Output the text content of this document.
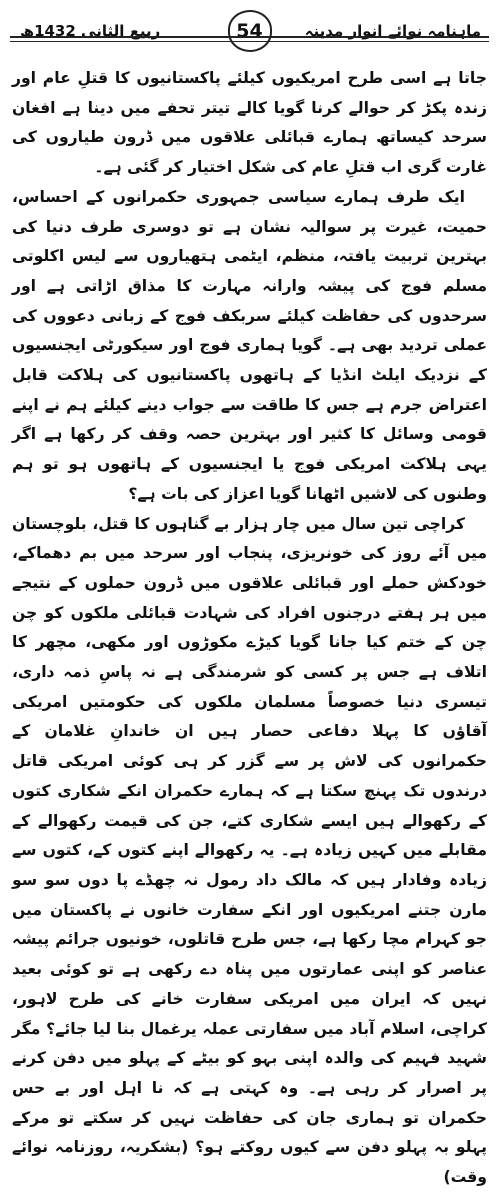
ماہنامہ نوائے انوار مدینہ
54
ربیع الثانی 1432ھ

جاتا ہے اسی طرح امریکیوں کیلئے پاکستانیوں کا قتلِ عام اور زندہ پکڑ کر حوالے کرنا گویا کالے تیتر تحفے میں دینا ہے افغان سرحد کیساتھ ہمارے قبائلی علاقوں میں ڈرون طیاروں کی غارت گری اب قتلِ عام کی شکل اختیار کر گئی ہے۔

ایک طرف ہمارے سیاسی جمہوری حکمرانوں کے احساس، حمیت، غیرت پر سوالیہ نشان ہے تو دوسری طرف دنیا کی بہترین تربیت یافتہ، منظم، ایٹمی ہتھیاروں سے لیس اکلوتی مسلم فوج کی پیشہ وارانہ مہارت کا مذاق اڑاتی ہے اور سرحدوں کی حفاظت کیلئے سربکف فوج کے زبانی دعووں کی عملی تردید بھی ہے۔ گویا ہماری فوج اور سیکورٹی ایجنسیوں کے نزدیک ایلٹ انڈیا کے ہاتھوں پاکستانیوں کی ہلاکت قابل اعتراض جرم ہے جس کا طاقت سے جواب دینے کیلئے ہم نے اپنے قومی وسائل کا کثیر اور بہترین حصہ وقف کر رکھا ہے اگر یہی ہلاکت امریکی فوج یا ایجنسیوں کے ہاتھوں ہو تو ہم وطنوں کی لاشیں اٹھانا گویا اعزاز کی بات ہے؟

کراچی تین سال میں چار ہزار بے گناہوں کا قتل، بلوچستان میں آئے روز کی خونریزی، پنجاب اور سرحد میں بم دھماکے، خودکش حملے اور قبائلی علاقوں میں ڈرون حملوں کے نتیجے میں ہر ہفتے درجنوں افراد کی شہادت قبائلی ملکوں کو چن چن کے ختم کیا جانا گویا کیڑے مکوڑوں اور مکھی، مچھر کا اتلاف ہے جس پر کسی کو شرمندگی ہے نہ پاسِ ذمہ داری، تیسری دنیا خصوصاً مسلمان ملکوں کی حکومتیں امریکی آقاؤں کا پہلا دفاعی حصار ہیں ان خاندانِ غلامان کے حکمرانوں کی لاش پر سے گزر کر ہی کوئی امریکی قاتل درندوں تک پہنچ سکتا ہے کہ ہمارے حکمران انکے شکاری کتوں کے رکھوالے ہیں ایسے شکاری کتے، جن کی قیمت رکھوالے کے مقابلے میں کہیں زیادہ ہے۔ یہ رکھوالے اپنے کتوں کے، کتوں سے زیادہ وفادار ہیں کہ مالک داد رمول نہ چھڈے پا دوں سو سو مارن جتنے امریکیوں اور انکے سفارت خانوں نے پاکستان میں جو کہرام مچا رکھا ہے، جس طرح قاتلوں، خونیوں جرائم پیشہ عناصر کو اپنی عمارتوں میں پناہ دے رکھی ہے تو کوئی بعید نہیں کہ ایران میں امریکی سفارت خانے کی طرح لاہور، کراچی، اسلام آباد میں سفارتی عملہ یرغمال بنا لیا جائے؟ مگر شہید فہیم کی والدہ اپنی بہو کو بیٹے کے پہلو میں دفن کرنے پر اصرار کر رہی ہے۔ وہ کہتی ہے کہ نا اہل اور بے حس حکمران تو ہماری جان کی حفاظت نہیں کر سکتے تو مرکے پہلو بہ پہلو دفن سے کیوں روکتے ہو؟ (بشکریہ، روزنامہ نوائے وقت)
